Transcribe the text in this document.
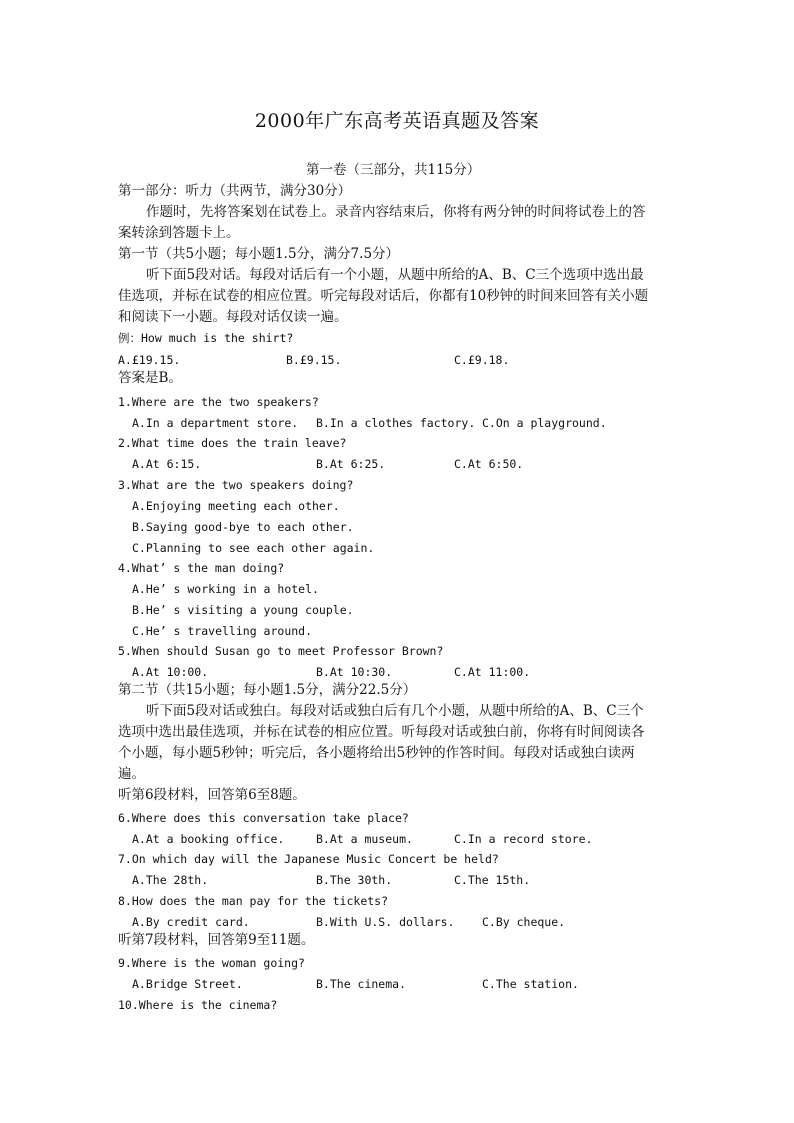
2000年广东高考英语真题及答案
第一卷（三部分，共115分）
第一部分：听力（共两节，满分30分）
作题时，先将答案划在试卷上。录音内容结束后，你将有两分钟的时间将试卷上的答
案转涂到答题卡上。
第一节（共5小题；每小题1.5分，满分7.5分）
听下面5段对话。每段对话后有一个小题，从题中所给的A、B、C三个选项中选出最
佳选项，并标在试卷的相应位置。听完每段对话后，你都有10秒钟的时间来回答有关小题
和阅读下一小题。每段对话仅读一遍。
例：How much is the shirt?
A.£19.15.	B.£9.15.	C.£9.18.
答案是B。
1.Where are the two speakers?
A.In a department store. B.In a clothes factory. C.On a playground.
2.What time does the train leave?
A.At 6:15.	B.At 6:25.	C.At 6:50.
3.What are the two speakers doing?
A.Enjoying meeting each other.
B.Saying good-bye to each other.
C.Planning to see each other again.
4.What’ s the man doing?
A.He’ s working in a hotel.
B.He’ s visiting a young couple.
C.He’ s travelling around.
5.When should Susan go to meet Professor Brown?
A.At 10:00.	B.At 10:30.	C.At 11:00.
第二节（共15小题；每小题1.5分，满分22.5分）
听下面5段对话或独白。每段对话或独白后有几个小题，从题中所给的A、B、C三个
选项中选出最佳选项，并标在试卷的相应位置。听每段对话或独白前，你将有时间阅读各
个小题，每小题5秒钟；听完后，各小题将给出5秒钟的作答时间。每段对话或独白读两
遍。
听第6段材料，回答第6至8题。
6.Where does this conversation take place?
A.At a booking office.	B.At a museum.	C.In a record store.
7.On which day will the Japanese Music Concert be held?
A.The 28th.	B.The 30th.	C.The 15th.
8.How does the man pay for the tickets?
A.By credit card.	B.With U.S. dollars. C.By cheque.
听第7段材料，回答第9至11题。
9.Where is the woman going?
A.Bridge Street.	B.The cinema.	C.The station.
10.Where is the cinema?
